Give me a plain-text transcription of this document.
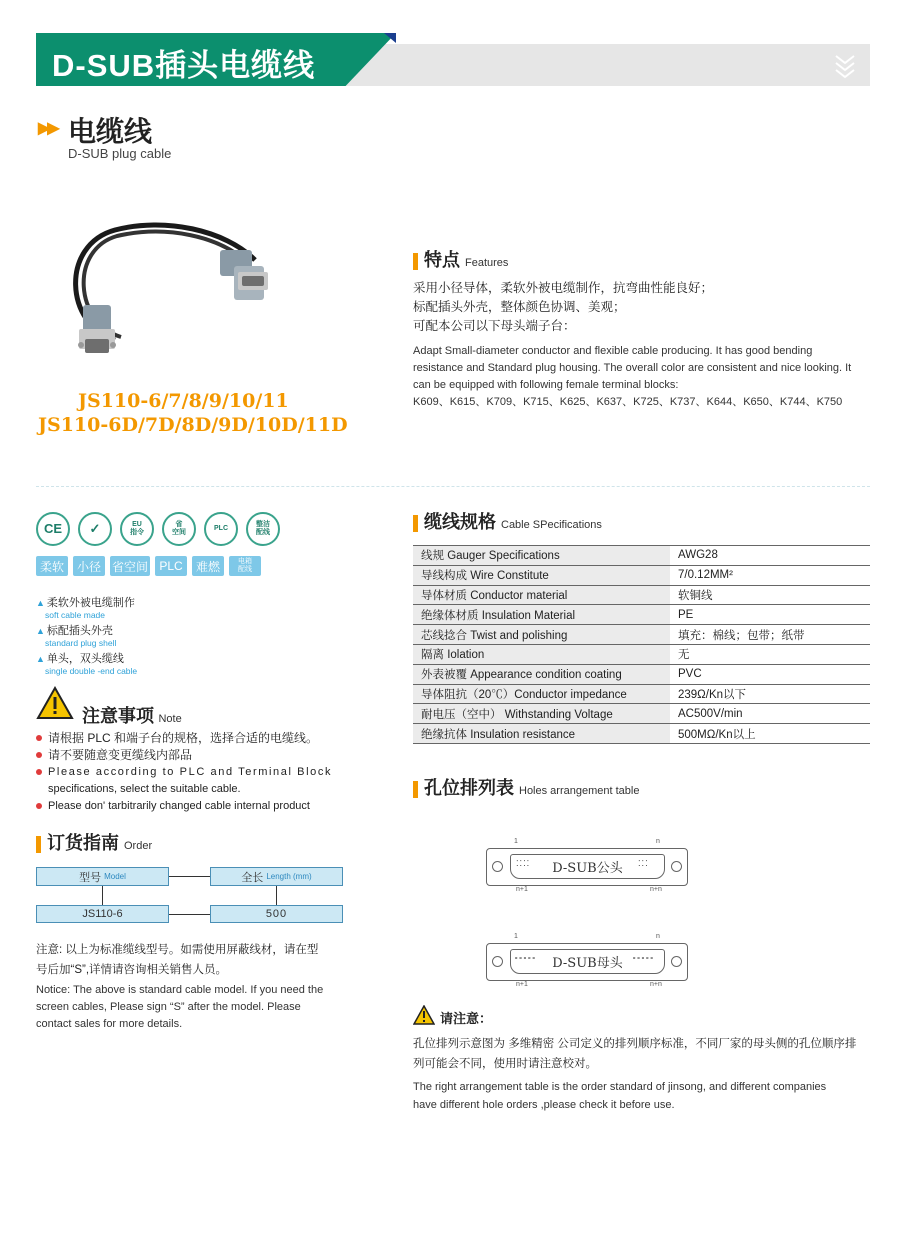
D-SUB插头电缆线
▶▶ 电缆线
D-SUB plug cable
JS110-6/7/8/9/10/11
JS110-6D/7D/8D/9D/10D/11D
特点 Features
采用小径导体，柔软外被电缆制作，抗弯曲性能良好；
标配插头外壳，整体颜色协调、美观；
可配本公司以下母头端子台：
Adapt Small-diameter conductor and flexible cable producing. It has good bending
resistance and Standard plug housing. The overall color are consistent and nice looking. It
can be equipped with following female terminal blocks:
K609、K615、K709、K715、K625、K637、K725、K737、K644、K650、K744、K750
CE	✓	EU
指令
省
空间
PLC
整洁
配线
柔软	小径 省空间 PLC	难燃	电箱
配线
▲ 柔软外被电缆制作
soft cable made
▲ 标配插头外壳
standard plug shell
▲ 单头，双头缆线
single double -end cable
注意事项 Note
请根据 PLC 和端子台的规格，选择合适的电缆线。
请不要随意变更缆线内部品
Please according to PLC and Terminal Block
specifications, select the suitable cable.
Please don' tarbitrarily changed cable internal product
订货指南 Order
型号 Model	全长 Length (mm)
JS110-6	500
注意: 以上为标准缆线型号。如需使用屏蔽线材，请在型
号后加“S”,详情请咨询相关销售人员。
Notice: The above is standard cable model. If you need the
screen cables, Please sign “S” after the model. Please
contact sales for more details.
缆线规格 Cable SPecifications
线规 Gauger Specifications	AWG28
导线构成 Wire Constitute	7/0.12MM²
导体材质 Conductor material	软铜线
绝缘体材质 Insulation Material	PE
芯线捻合 Twist and polishing	填充：棉线；包带；纸带
隔离 Iolation	无
外表被覆 Appearance condition coating	PVC
导体阻抗（20℃）Conductor impedance	239Ω/Kn以下
耐电压（空中） Withstanding Voltage	AC500V/min
绝缘抗体 Insulation resistance	500MΩ/Kn以上
孔位排列表 Holes arrangement table
D-SUB公头
1	n
n+1	n+n
⁚⁚⁚⁚	⁚⁚⁚
D-SUB母头
1	n
n+1	n+n
∘∘∘∘∘	∘∘∘∘∘
请注意：
孔位排列示意图为 多维精密 公司定义的排列顺序标准，不同厂家的母头侧的孔位顺序排
列可能会不同，使用时请注意校对。
The right arrangement table is the order standard of jinsong, and different companies
have different hole orders ,please check it before use.
